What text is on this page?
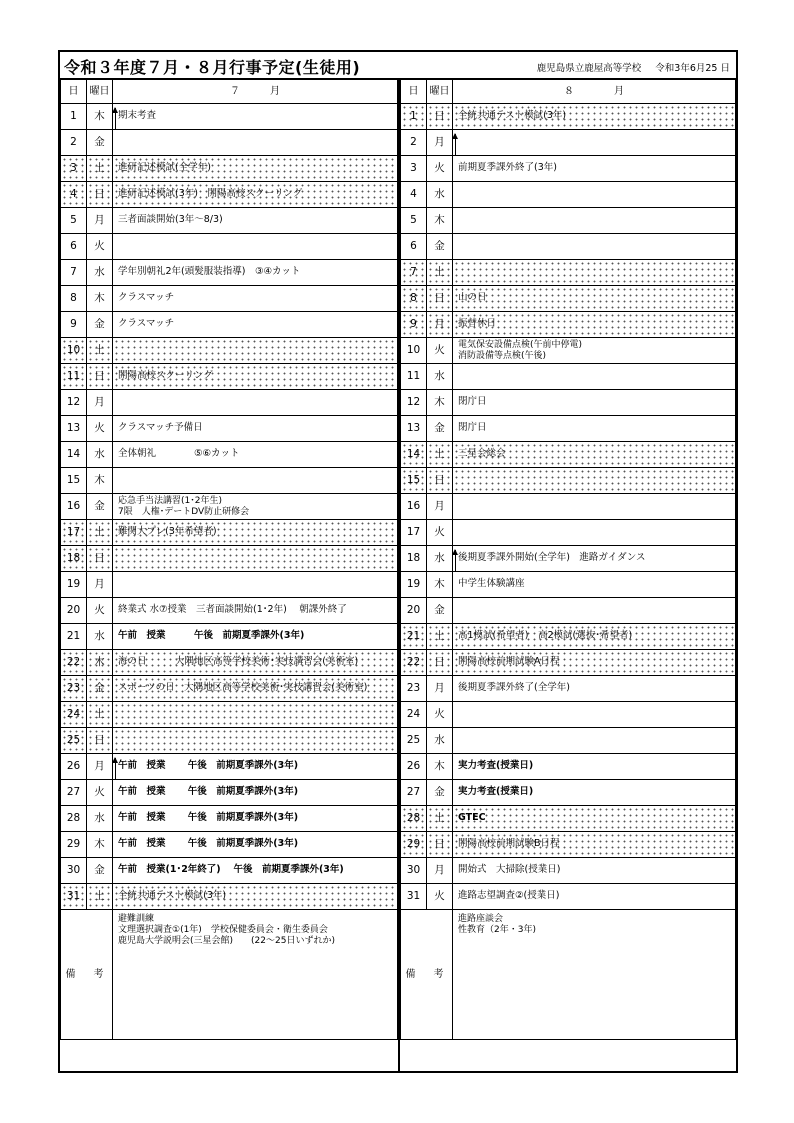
令和３年度７月・８月行事予定(生徒用)	鹿児島県立鹿屋高等学校 令和3年6月25 日
日	曜日	７　　　月
1	木	期末考査

2	金	
3	土	進研記述模試(全学年)

4	日	進研記述模試(3年)　開陽高校スクーリング

5	月	三者面談開始(3年～8/3)

6	火	
7	水	学年別朝礼2年(頭髪服装指導)　③④カット

8	木	クラスマッチ

9	金	クラスマッチ

10	土	
11	日	開陽高校スクーリング

12	月	
13	火	クラスマッチ予備日

14	水	全体朝礼　　　　⑤⑥カット

15	木	
16	金	応急手当法講習(1･2年生)
7限　人権･デートDV防止研修会

17	土	難関大プレ(3年希望者)

18	日	
19	月	
20	火	終業式 水⑦授業　三者面談開始(1･2年)　 朝課外終了

21	水	午前　授業　　　午後　前期夏季課外(3年)

22	木	海の日　　　大隅地区高等学校美術･実技講習会(美術室)

23	金	スポーツの日　大隅地区高等学校美術･実技講習会(美術室)

24	土	
25	日	
26	月	午前　授業　　 午後　前期夏季課外(3年)

27	火	午前　授業　　 午後　前期夏季課外(3年)

28	水	午前　授業　　 午後　前期夏季課外(3年)

29	木	午前　授業　　 午後　前期夏季課外(3年)

30	金	午前　授業(1･2年終了)　 午後　前期夏季課外(3年)

31	土	全統共通テスト模試(3年)

備　考		避難訓練
文理選択調査①(1年)　学校保健委員会・衛生委員会
鹿児島大学説明会(三星会館)　　(22～25日いずれか)
日	曜日	８　　　　月
1	日	全統共通テスト模試(3年)

2	月	

3	火	前期夏季課外終了(3年)

4	水	
5	木	
6	金	
7	土	
8	日	山の日

9	月	振替休日

10	火	電気保安設備点検(午前中停電)
消防設備等点検(午後)

11	水	
12	木	閉庁日

13	金	閉庁日

14	土	三星会総会

15	日	
16	月	
17	火	
18	水	後期夏季課外開始(全学年)　進路ガイダンス

19	木	中学生体験講座

20	金	
21	土	高1模試(希望者)　高2模試(選抜･希望者)

22	日	開陽高校前期試験A日程

23	月	後期夏季課外終了(全学年)

24	火	
25	水	
26	木	実力考査(授業日)

27	金	実力考査(授業日)

28	土	GTEC

29	日	開陽高校前期試験B日程

30	月	開始式　大掃除(授業日)

31	火	進路志望調査②(授業日)

備　考		進路座談会
性教育（2年・3年)
